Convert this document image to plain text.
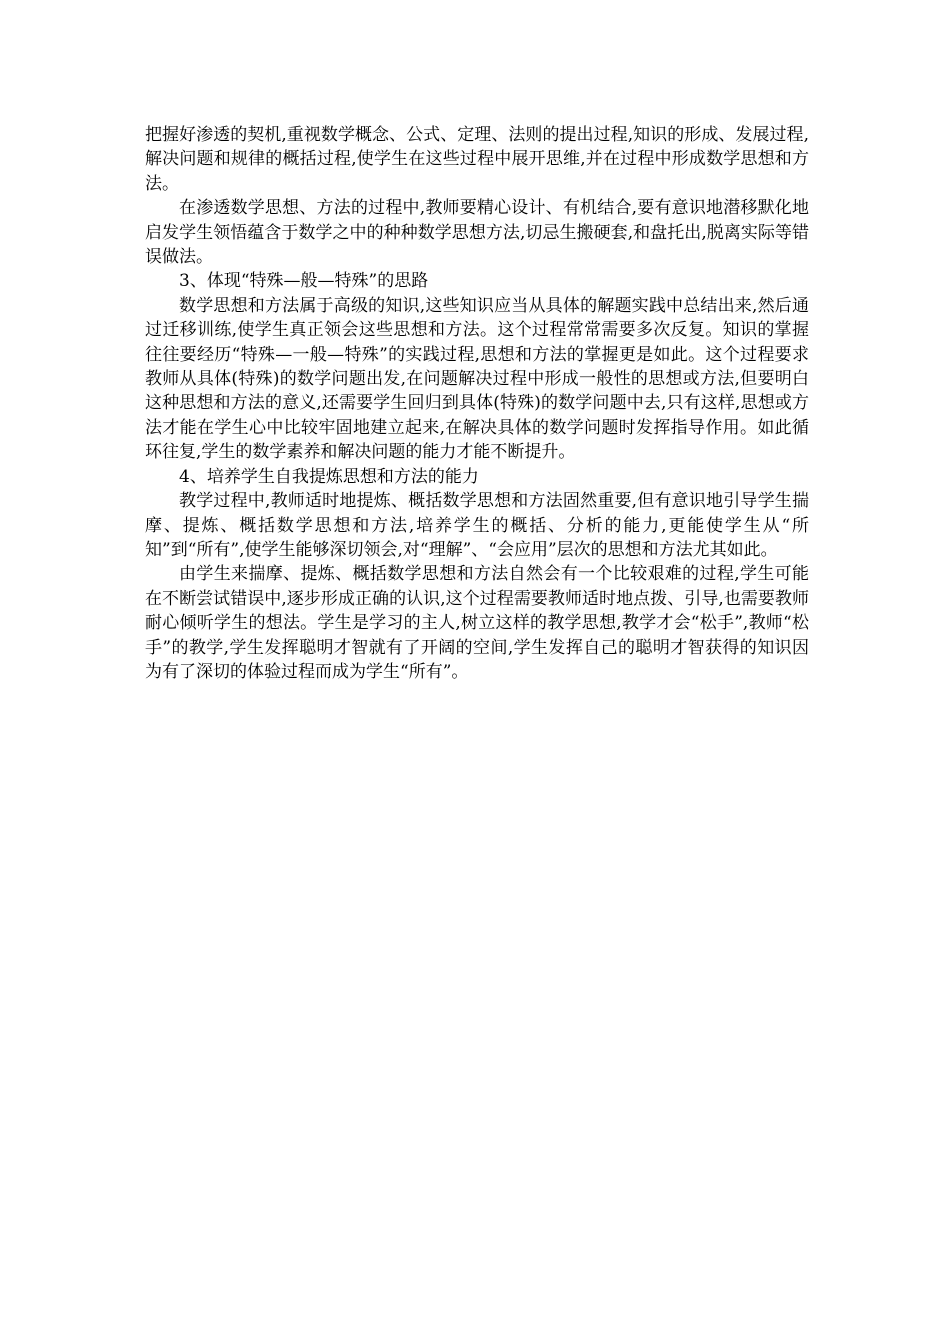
把握好渗透的契机,重视数学概念、公式、定理、法则的提出过程,知识的形成、发展过程,解决问题和规律的概括过程,使学生在这些过程中展开思维,并在过程中形成数学思想和方法。

在渗透数学思想、方法的过程中,教师要精心设计、有机结合,要有意识地潜移默化地启发学生领悟蕴含于数学之中的种种数学思想方法,切忌生搬硬套,和盘托出,脱离实际等错误做法。

3、体现“特殊—般—特殊”的思路

数学思想和方法属于高级的知识,这些知识应当从具体的解题实践中总结出来,然后通过迁移训练,使学生真正领会这些思想和方法。这个过程常常需要多次反复。知识的掌握往往要经历“特殊—一般—特殊”的实践过程,思想和方法的掌握更是如此。这个过程要求教师从具体(特殊)的数学问题出发,在问题解决过程中形成一般性的思想或方法,但要明白这种思想和方法的意义,还需要学生回归到具体(特殊)的数学问题中去,只有这样,思想或方法才能在学生心中比较牢固地建立起来,在解决具体的数学问题时发挥指导作用。如此循环往复,学生的数学素养和解决问题的能力才能不断提升。

4、培养学生自我提炼思想和方法的能力

教学过程中,教师适时地提炼、概括数学思想和方法固然重要,但有意识地引导学生揣摩、提炼、概括数学思想和方法,培养学生的概括、分析的能力,更能使学生从“所知”到“所有”,使学生能够深切领会,对“理解”、“会应用”层次的思想和方法尤其如此。

由学生来揣摩、提炼、概括数学思想和方法自然会有一个比较艰难的过程,学生可能在不断尝试错误中,逐步形成正确的认识,这个过程需要教师适时地点拨、引导,也需要教师耐心倾听学生的想法。学生是学习的主人,树立这样的教学思想,教学才会“松手”,教师“松手”的教学,学生发挥聪明才智就有了开阔的空间,学生发挥自己的聪明才智获得的知识因为有了深切的体验过程而成为学生“所有”。
